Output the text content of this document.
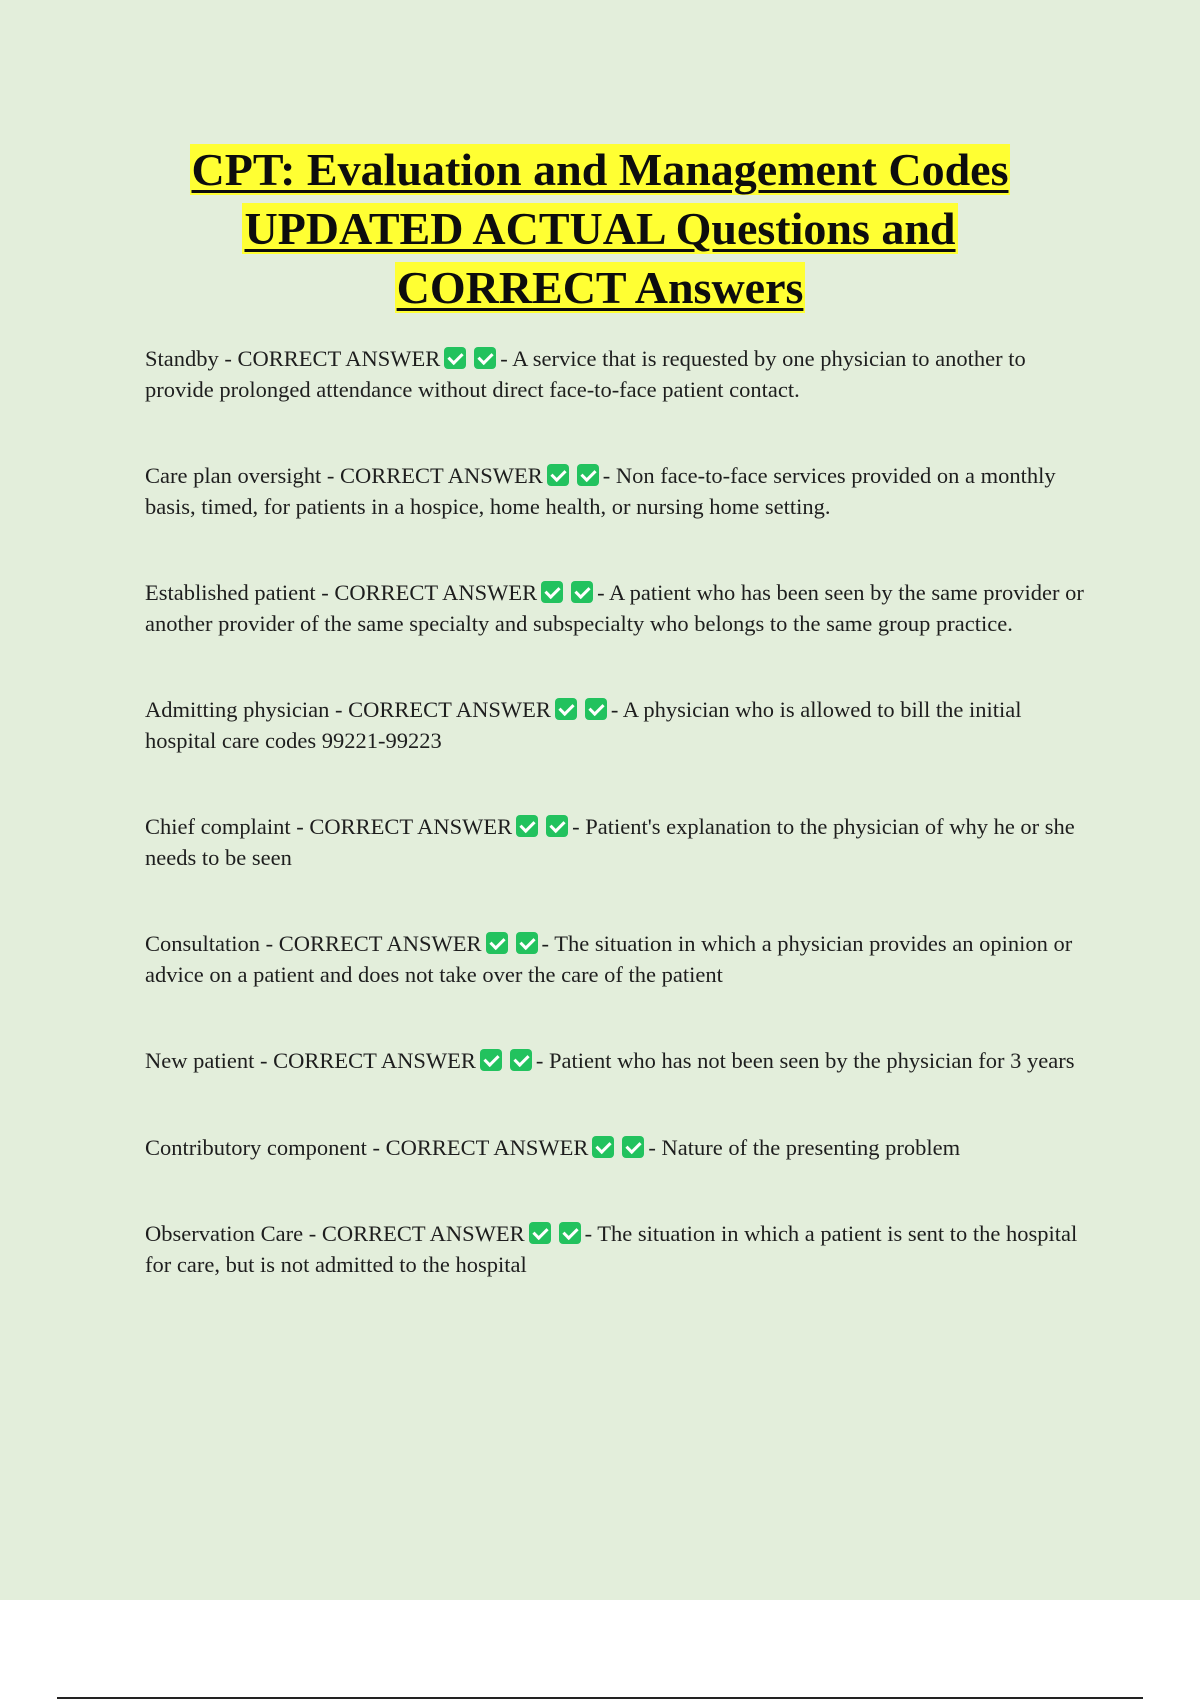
CPT: Evaluation and Management Codes

UPDATED ACTUAL Questions and

CORRECT Answers

Standby - CORRECT ANSWER	- A service that is requested by one physician to another to provide prolonged attendance without direct face-to-face patient contact.

Care plan oversight - CORRECT ANSWER	- Non face-to-face services provided on a monthly basis, timed, for patients in a hospice, home health, or nursing home setting.

Established patient - CORRECT ANSWER	- A patient who has been seen by the same provider or another provider of the same specialty and subspecialty who belongs to the same group practice.

Admitting physician - CORRECT ANSWER	- A physician who is allowed to bill the initial hospital care codes 99221-99223

Chief complaint - CORRECT ANSWER	- Patient's explanation to the physician of why he or she needs to be seen

Consultation - CORRECT ANSWER	- The situation in which a physician provides an opinion or advice on a patient and does not take over the care of the patient

New patient - CORRECT ANSWER	- Patient who has not been seen by the physician for 3 years

Contributory component - CORRECT ANSWER	- Nature of the presenting problem

Observation Care - CORRECT ANSWER	- The situation in which a patient is sent to the hospital for care, but is not admitted to the hospital
